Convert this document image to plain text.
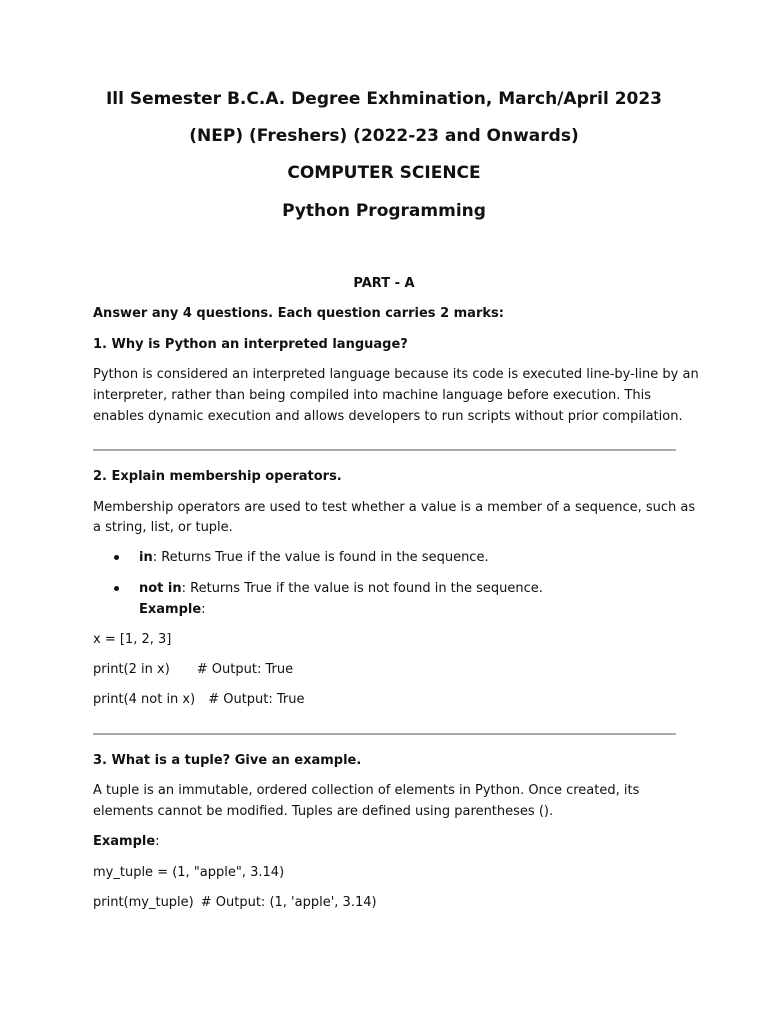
Ill Semester B.C.A. Degree Exhmination, March/April 2023
(NEP) (Freshers) (2022-23 and Onwards)
COMPUTER SCIENCE
Python Programming
PART - A
Answer any 4 questions. Each question carries 2 marks:
1. Why is Python an interpreted language?
Python is considered an interpreted language because its code is executed line-by-line by an
interpreter, rather than being compiled into machine language before execution. This
enables dynamic execution and allows developers to run scripts without prior compilation.
2. Explain membership operators.
Membership operators are used to test whether a value is a member of a sequence, such as
a string, list, or tuple.
in: Returns True if the value is found in the sequence.
not in: Returns True if the value is not found in the sequence.
Example:
x = [1, 2, 3]
print(2 in x) # Output: True
print(4 not in x) # Output: True
3. What is a tuple? Give an example.
A tuple is an immutable, ordered collection of elements in Python. Once created, its
elements cannot be modified. Tuples are defined using parentheses ().
Example:
my_tuple = (1, "apple", 3.14)
print(my_tuple) # Output: (1, 'apple', 3.14)
